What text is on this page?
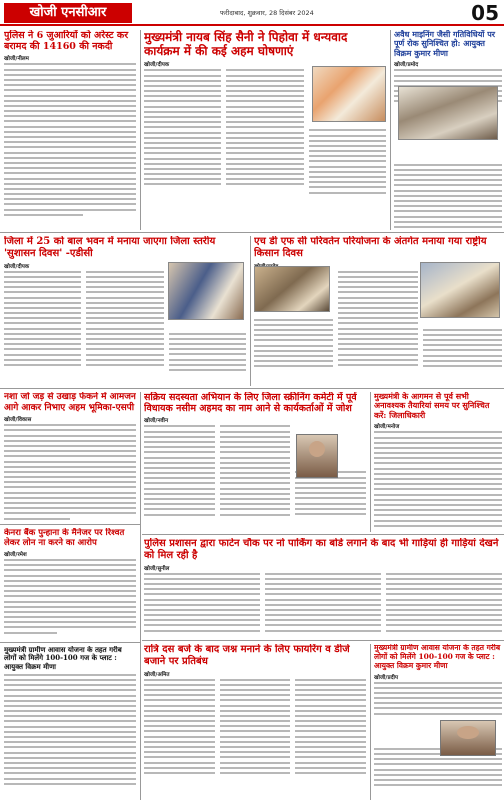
खोजी एनसीआर	फरीदाबाद, शुक्रवार, 28 दिसंबर 2024	05
पुलिस ने 6 जुआरियों को अरेस्ट कर बरामद की 14160 की नकदी
खोजी/नीलम
मुख्यमंत्री नायब सिंह सैनी ने पिहोवा में धन्यवाद कार्यक्रम में की कई अहम घोषणाएं
खोजी/दीपक
अवैध माइनिंग जैसी गतिविधियों पर पूर्ण रोक सुनिश्चित हो: आयुक्त विक्रम कुमार मीणा
खोजी/प्रमोद
जिला में 25 को बाल भवन में मनाया जाएगा जिला स्तरीय 'सुशासन दिवस' -एडीसी
खोजी/दीपक
एच डी एफ सी परिवर्तन परियोजना के अंतर्गत मनाया गया राष्ट्रीय किसान दिवस
नशा जो जड़ से उखाड़ फेंकने में आमजन आगे आकर निभाए अहम भूमिका-एसपी
खोजी/विकास
केनरा बैंक पुन्हाना के मैनेजर पर रिश्वत लेकर लोन ना करने का आरोप
खोजी/रमेश
मुख्यमंत्री ग्रामीण आवास योजना के तहत गरीब लोगों को मिलेंगे 100-100 गज के प्लाट : आयुक्त विक्रम मीणा
सक्रिय सदस्यता अभियान के लिए जिला स्क्रीनिंग कमेटी में पूर्व विधायक नसीम अहमद का नाम आने से कार्यकर्ताओं में जोश
खोजी/नवीन
मुख्यमंत्री के आगमन से पूर्व सभी अनावश्यक तैयारियां समय पर सुनिश्चित करें: जिलाधिकारी
खोजी/मनोज
पुलिस प्रशासन द्वारा फाटेन चौक पर नो पार्किंग का बोर्ड लगाने के बाद भी गाड़ियां ही गाड़ियां देखने को मिल रही है
खोजी/सुनील
रात्रि दस बजे के बाद जश्न मनाने के लिए फायरिंग व डीजे बजाने पर प्रतिबंध
खोजी/अमित
मुख्यमंत्री ग्रामीण आवास योजना के तहत गरीब लोगों को मिलेंगे 100-100 गज के प्लाट : आयुक्त विक्रम कुमार मीणा
खोजी/प्रदीप
